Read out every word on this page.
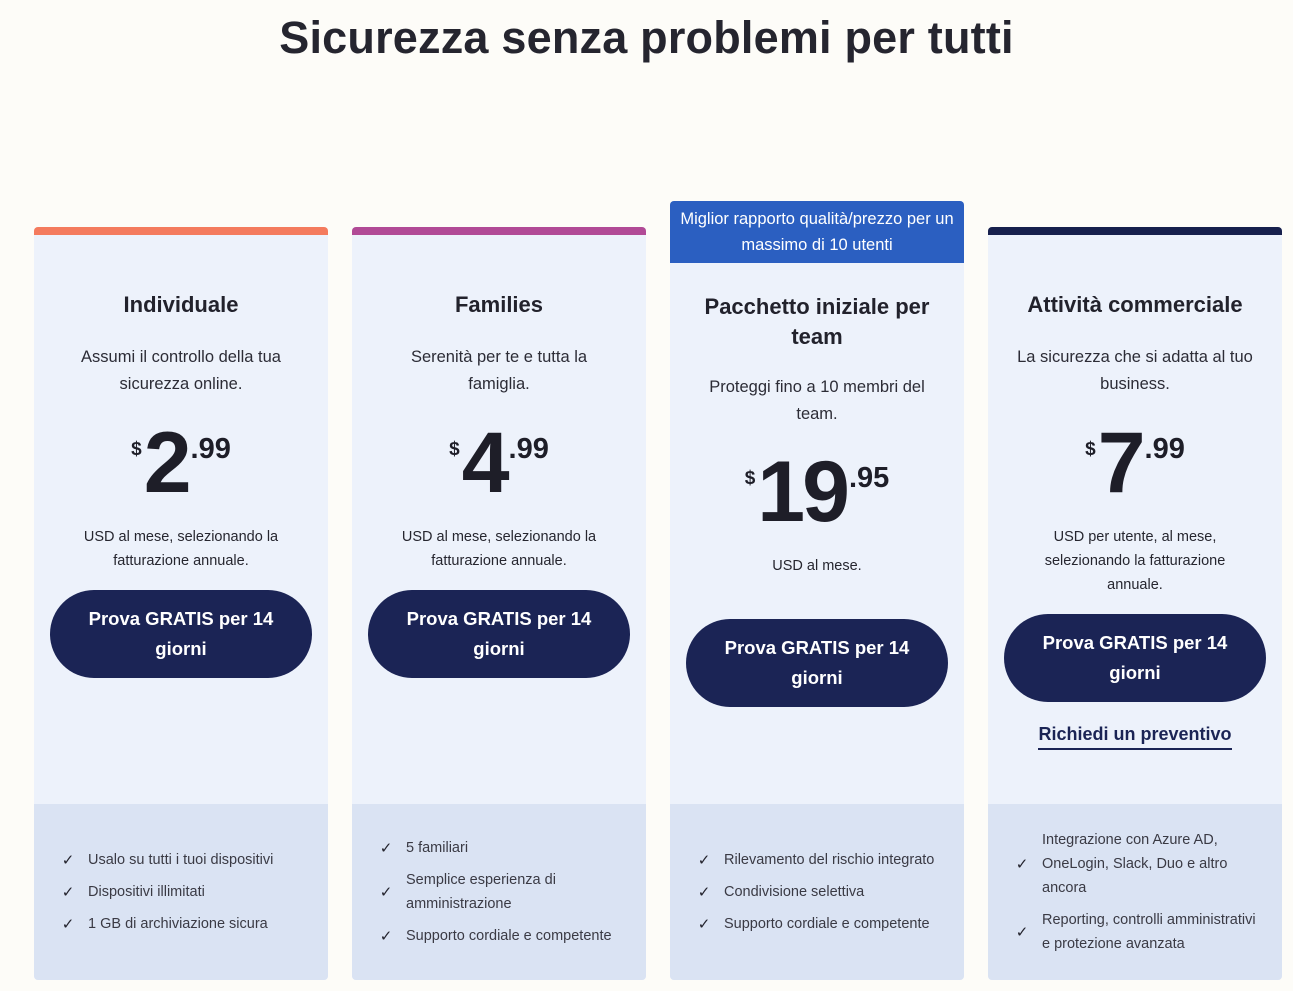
Sicurezza senza problemi per tutti
Individuale

Assumi il controllo della tua sicurezza online.

$ 2 .99

USD al mese, selezionando la fatturazione annuale.

Prova GRATIS per 14 giorni
✓ Usalo su tutti i tuoi dispositivi
✓ Dispositivi illimitati
✓ 1 GB di archiviazione sicura
Families

Serenità per te e tutta la famiglia.

$ 4 .99

USD al mese, selezionando la fatturazione annuale.

Prova GRATIS per 14 giorni
✓ 5 familiari
✓
Semplice esperienza di amministrazione
✓ Supporto cordiale e competente
Miglior rapporto qualità/prezzo per un massimo di 10 utenti
Pacchetto iniziale per team

Proteggi fino a 10 membri del team.

$ 19 .95

USD al mese.

Prova GRATIS per 14 giorni
✓ Rilevamento del rischio integrato
✓ Condivisione selettiva
✓ Supporto cordiale e competente
Attività commerciale

La sicurezza che si adatta al tuo business.

$ 7 .99

USD per utente, al mese, selezionando la fatturazione annuale.

Prova GRATIS per 14 giorni
Richiedi un preventivo
✓
Integrazione con Azure AD, OneLogin, Slack, Duo e altro ancora
✓
Reporting, controlli amministrativi e protezione avanzata
